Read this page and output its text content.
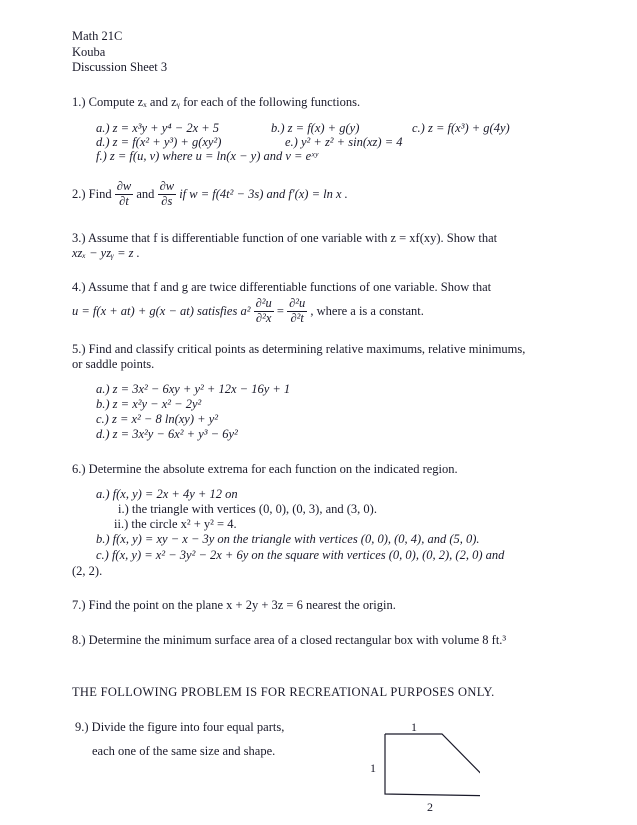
Math 21C
Kouba
Discussion Sheet 3
1.) Compute zₓ and zᵧ for each of the following functions.
a.) z = x³y + y⁴ − 2x + 5	b.) z = f(x) + g(y)	c.) z = f(x³) + g(4y)
d.) z = f(x² + y³) + g(xy²)	e.) y² + z² + sin(xz) = 4
f.) z = f(u, v) where u = ln(x − y) and v = eˣʸ
2.) Find $\frac{\partial w}{\partial t}$ and $\frac{\partial w}{\partial s}$ if w = f(4t² − 3s) and f′(x) = ln x .
3.) Assume that f is differentiable function of one variable with z = xf(xy). Show that
xzₓ − yzᵧ = z .
4.) Assume that f and g are twice differentiable functions of one variable. Show that
u = f(x + at) + g(x − at) satisfies $a^2 \frac{\text{∂²u}}{\text{∂²x}} = \frac{\text{∂²u}}{\text{∂²t}}$ , where a is a constant.
5.) Find and classify critical points as determining relative maximums, relative minimums,
or saddle points.
a.) z = 3x² − 6xy + y² + 12x − 16y + 1
b.) z = x²y − x² − 2y²
c.) z = x² − 8 ln(xy) + y²
d.) z = 3x²y − 6x² + y³ − 6y²
6.) Determine the absolute extrema for each function on the indicated region.
a.) f(x, y) = 2x + 4y + 12 on
i.) the triangle with vertices (0, 0), (0, 3), and (3, 0).
ii.) the circle x² + y² = 4.
b.) f(x, y) = xy − x − 3y on the triangle with vertices (0, 0), (0, 4), and (5, 0).
c.) f(x, y) = x² − 3y² − 2x + 6y on the square with vertices (0, 0), (0, 2), (2, 0) and
(2, 2).
7.) Find the point on the plane x + 2y + 3z = 6 nearest the origin.
8.) Determine the minimum surface area of a closed rectangular box with volume 8 ft.³
THE FOLLOWING PROBLEM IS FOR RECREATIONAL PURPOSES ONLY.
9.) Divide the figure into four equal parts,
each one of the same size and shape.
1
1
2
